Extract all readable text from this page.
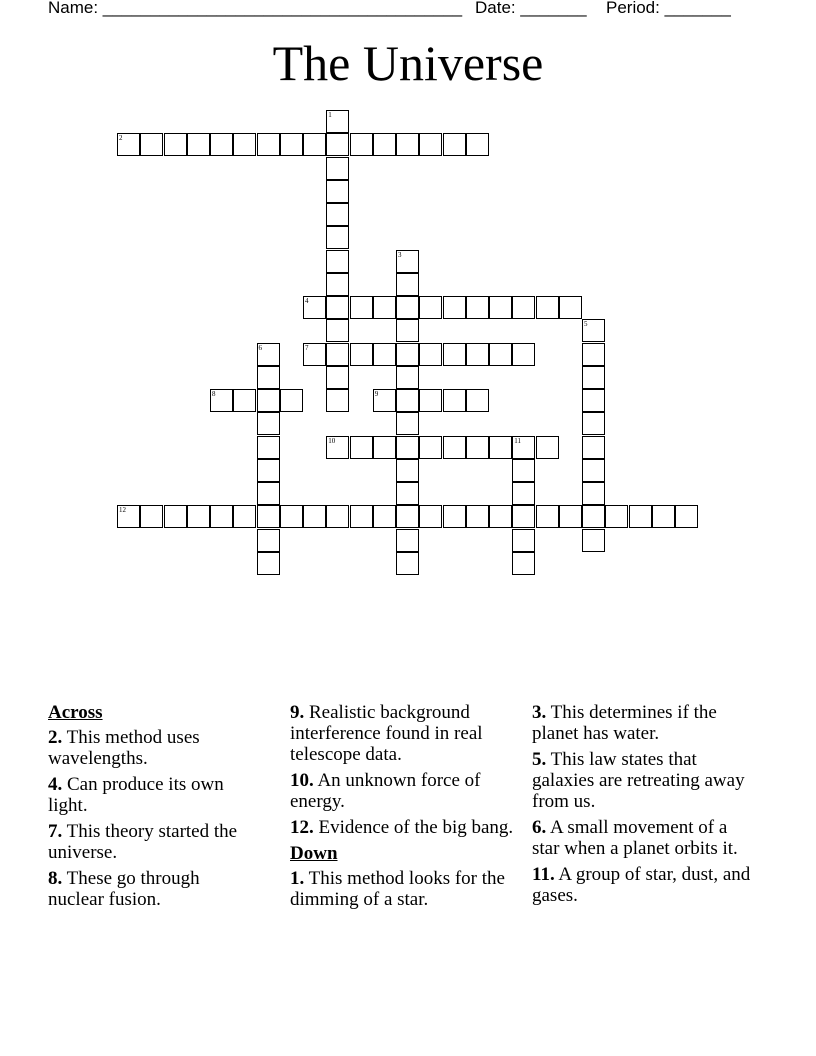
Name: ______________________________________ Date: _______ Period: _______
The Universe
1
2
3
4
5
6	7
8	9
10	11
12
Across
2. This method uses wavelengths.
4. Can produce its own light.
7. This theory started the universe.
8. These go through nuclear fusion.
9. Realistic background interference found in real telescope data.
10. An unknown force of energy.
12. Evidence of the big bang.
Down
1. This method looks for the dimming of a star.
3. This determines if the planet has water.
5. This law states that galaxies are retreating away from us.
6. A small movement of a star when a planet orbits it.
11. A group of star, dust, and gases.
